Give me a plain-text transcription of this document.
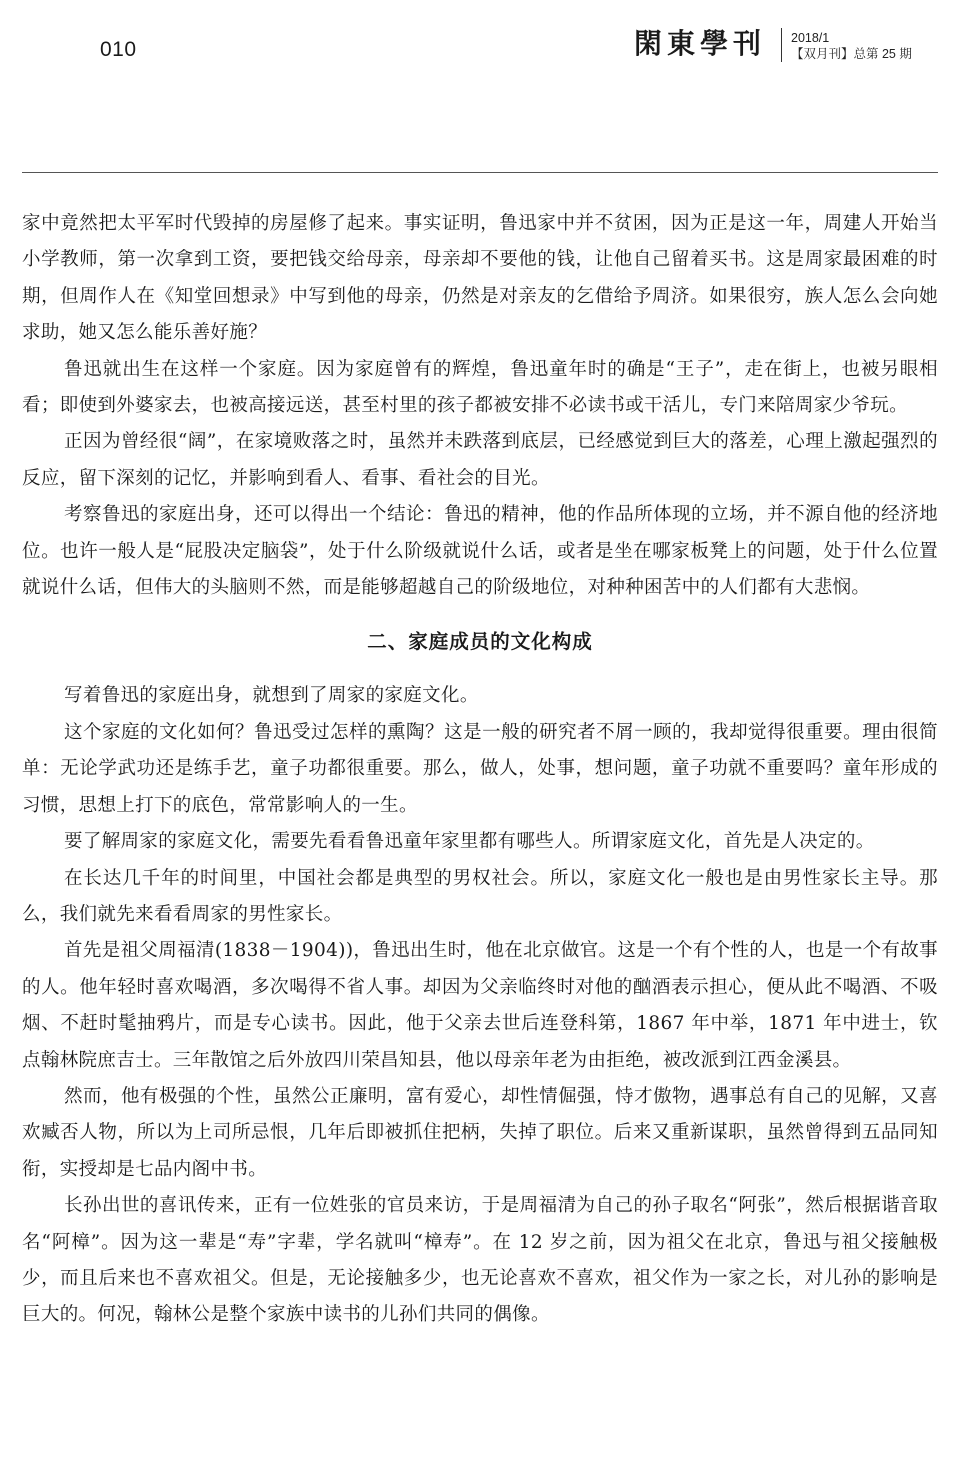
010	閑東學刊 2018/1
【双月刊】总第 25 期

家中竟然把太平军时代毁掉的房屋修了起来。事实证明，鲁迅家中并不贫困，因为正是这一年，周建人开始当小学教师，第一次拿到工资，要把钱交给母亲，母亲却不要他的钱，让他自己留着买书。这是周家最困难的时期，但周作人在《知堂回想录》中写到他的母亲，仍然是对亲友的乞借给予周济。如果很穷，族人怎么会向她求助，她又怎么能乐善好施？

鲁迅就出生在这样一个家庭。因为家庭曾有的辉煌，鲁迅童年时的确是“王子”，走在街上，也被另眼相看；即使到外婆家去，也被高接远送，甚至村里的孩子都被安排不必读书或干活儿，专门来陪周家少爷玩。

正因为曾经很“阔”，在家境败落之时，虽然并未跌落到底层，已经感觉到巨大的落差，心理上激起强烈的反应，留下深刻的记忆，并影响到看人、看事、看社会的目光。

考察鲁迅的家庭出身，还可以得出一个结论：鲁迅的精神，他的作品所体现的立场，并不源自他的经济地位。也许一般人是“屁股决定脑袋”，处于什么阶级就说什么话，或者是坐在哪家板凳上的问题，处于什么位置就说什么话，但伟大的头脑则不然，而是能够超越自己的阶级地位，对种种困苦中的人们都有大悲悯。

二、家庭成员的文化构成

写着鲁迅的家庭出身，就想到了周家的家庭文化。

这个家庭的文化如何？鲁迅受过怎样的熏陶？这是一般的研究者不屑一顾的，我却觉得很重要。理由很简单：无论学武功还是练手艺，童子功都很重要。那么，做人，处事，想问题，童子功就不重要吗？童年形成的习惯，思想上打下的底色，常常影响人的一生。

要了解周家的家庭文化，需要先看看鲁迅童年家里都有哪些人。所谓家庭文化，首先是人决定的。

在长达几千年的时间里，中国社会都是典型的男权社会。所以，家庭文化一般也是由男性家长主导。那么，我们就先来看看周家的男性家长。

首先是祖父周福清(1838－1904))，鲁迅出生时，他在北京做官。这是一个有个性的人，也是一个有故事的人。他年轻时喜欢喝酒，多次喝得不省人事。却因为父亲临终时对他的酗酒表示担心，便从此不喝酒、不吸烟、不赶时髦抽鸦片，而是专心读书。因此，他于父亲去世后连登科第，1867 年中举，1871 年中进士，钦点翰林院庶吉士。三年散馆之后外放四川荣昌知县，他以母亲年老为由拒绝，被改派到江西金溪县。

然而，他有极强的个性，虽然公正廉明，富有爱心，却性情倔强，恃才傲物，遇事总有自己的见解，又喜欢臧否人物，所以为上司所忌恨，几年后即被抓住把柄，失掉了职位。后来又重新谋职，虽然曾得到五品同知衔，实授却是七品内阁中书。

长孙出世的喜讯传来，正有一位姓张的官员来访，于是周福清为自己的孙子取名“阿张”，然后根据谐音取名“阿樟”。因为这一辈是“寿”字辈，学名就叫“樟寿”。在 12 岁之前，因为祖父在北京，鲁迅与祖父接触极少，而且后来也不喜欢祖父。但是，无论接触多少，也无论喜欢不喜欢，祖父作为一家之长，对儿孙的影响是巨大的。何况，翰林公是整个家族中读书的儿孙们共同的偶像。
